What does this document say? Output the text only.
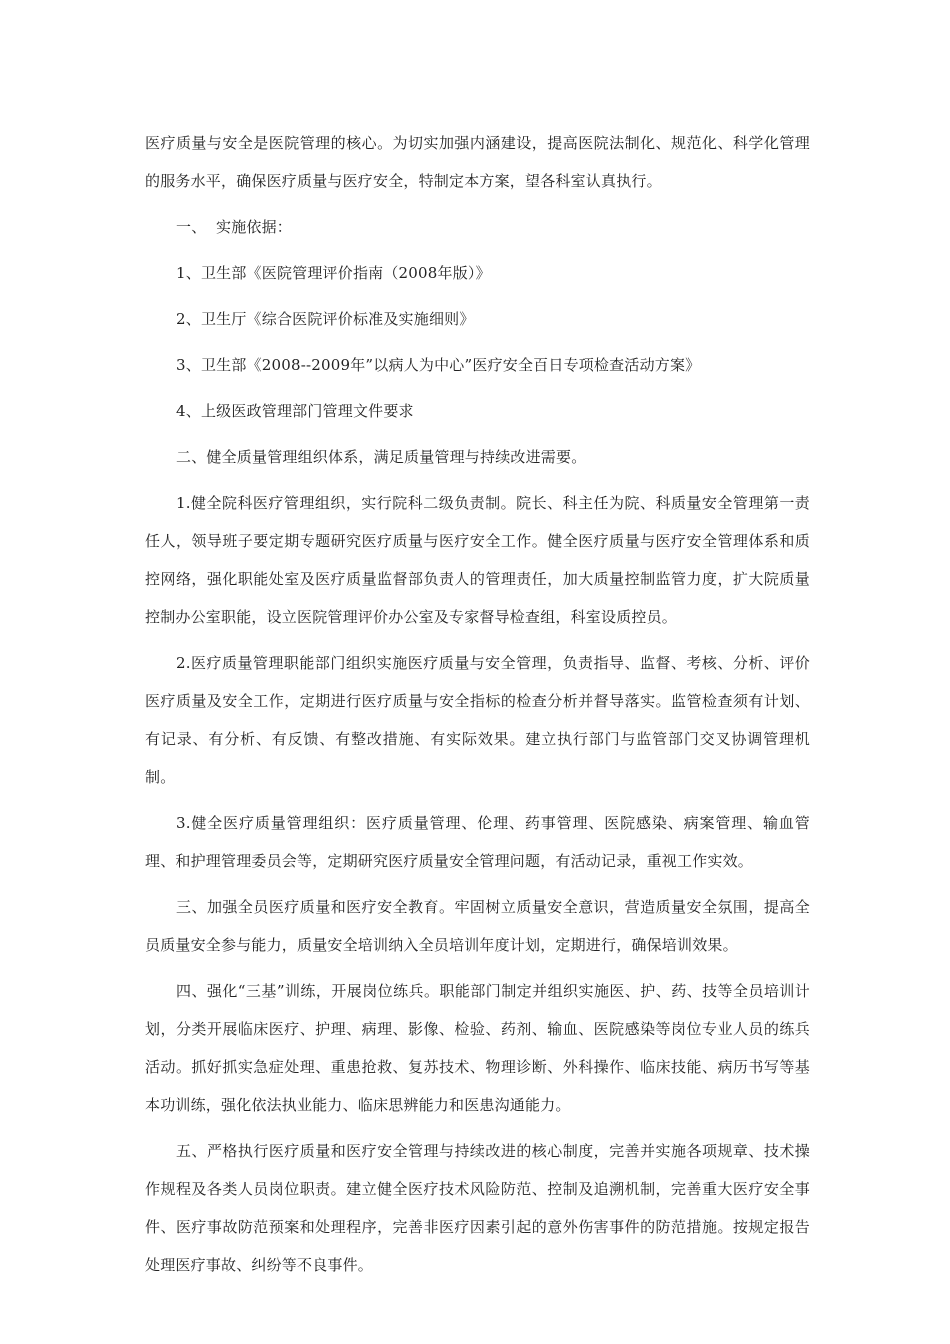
医疗质量与安全是医院管理的核心。为切实加强内涵建设，提高医院法制化、规范化、科学化管理的服务水平，确保医疗质量与医疗安全，特制定本方案，望各科室认真执行。

一、 实施依据：

1、卫生部《医院管理评价指南（2008年版）》

2、卫生厅《综合医院评价标准及实施细则》

3、卫生部《2008--2009年”以病人为中心”医疗安全百日专项检查活动方案》

4、上级医政管理部门管理文件要求

二、健全质量管理组织体系，满足质量管理与持续改进需要。

1.健全院科医疗管理组织，实行院科二级负责制。院长、科主任为院、科质量安全管理第一责任人，领导班子要定期专题研究医疗质量与医疗安全工作。健全医疗质量与医疗安全管理体系和质控网络，强化职能处室及医疗质量监督部负责人的管理责任，加大质量控制监管力度，扩大院质量控制办公室职能，设立医院管理评价办公室及专家督导检查组，科室设质控员。

2.医疗质量管理职能部门组织实施医疗质量与安全管理，负责指导、监督、考核、分析、评价医疗质量及安全工作，定期进行医疗质量与安全指标的检查分析并督导落实。监管检查须有计划、有记录、有分析、有反馈、有整改措施、有实际效果。建立执行部门与监管部门交叉协调管理机制。

3.健全医疗质量管理组织：医疗质量管理、伦理、药事管理、医院感染、病案管理、输血管理、和护理管理委员会等，定期研究医疗质量安全管理问题，有活动记录，重视工作实效。

三、加强全员医疗质量和医疗安全教育。牢固树立质量安全意识，营造质量安全氛围，提高全员质量安全参与能力，质量安全培训纳入全员培训年度计划，定期进行，确保培训效果。

四、强化“三基”训练，开展岗位练兵。职能部门制定并组织实施医、护、药、技等全员培训计划，分类开展临床医疗、护理、病理、影像、检验、药剂、输血、医院感染等岗位专业人员的练兵活动。抓好抓实急症处理、重患抢救、复苏技术、物理诊断、外科操作、临床技能、病历书写等基本功训练，强化依法执业能力、临床思辨能力和医患沟通能力。

五、严格执行医疗质量和医疗安全管理与持续改进的核心制度，完善并实施各项规章、技术操作规程及各类人员岗位职责。建立健全医疗技术风险防范、控制及追溯机制，完善重大医疗安全事件、医疗事故防范预案和处理程序，完善非医疗因素引起的意外伤害事件的防范措施。按规定报告处理医疗事故、纠纷等不良事件。
